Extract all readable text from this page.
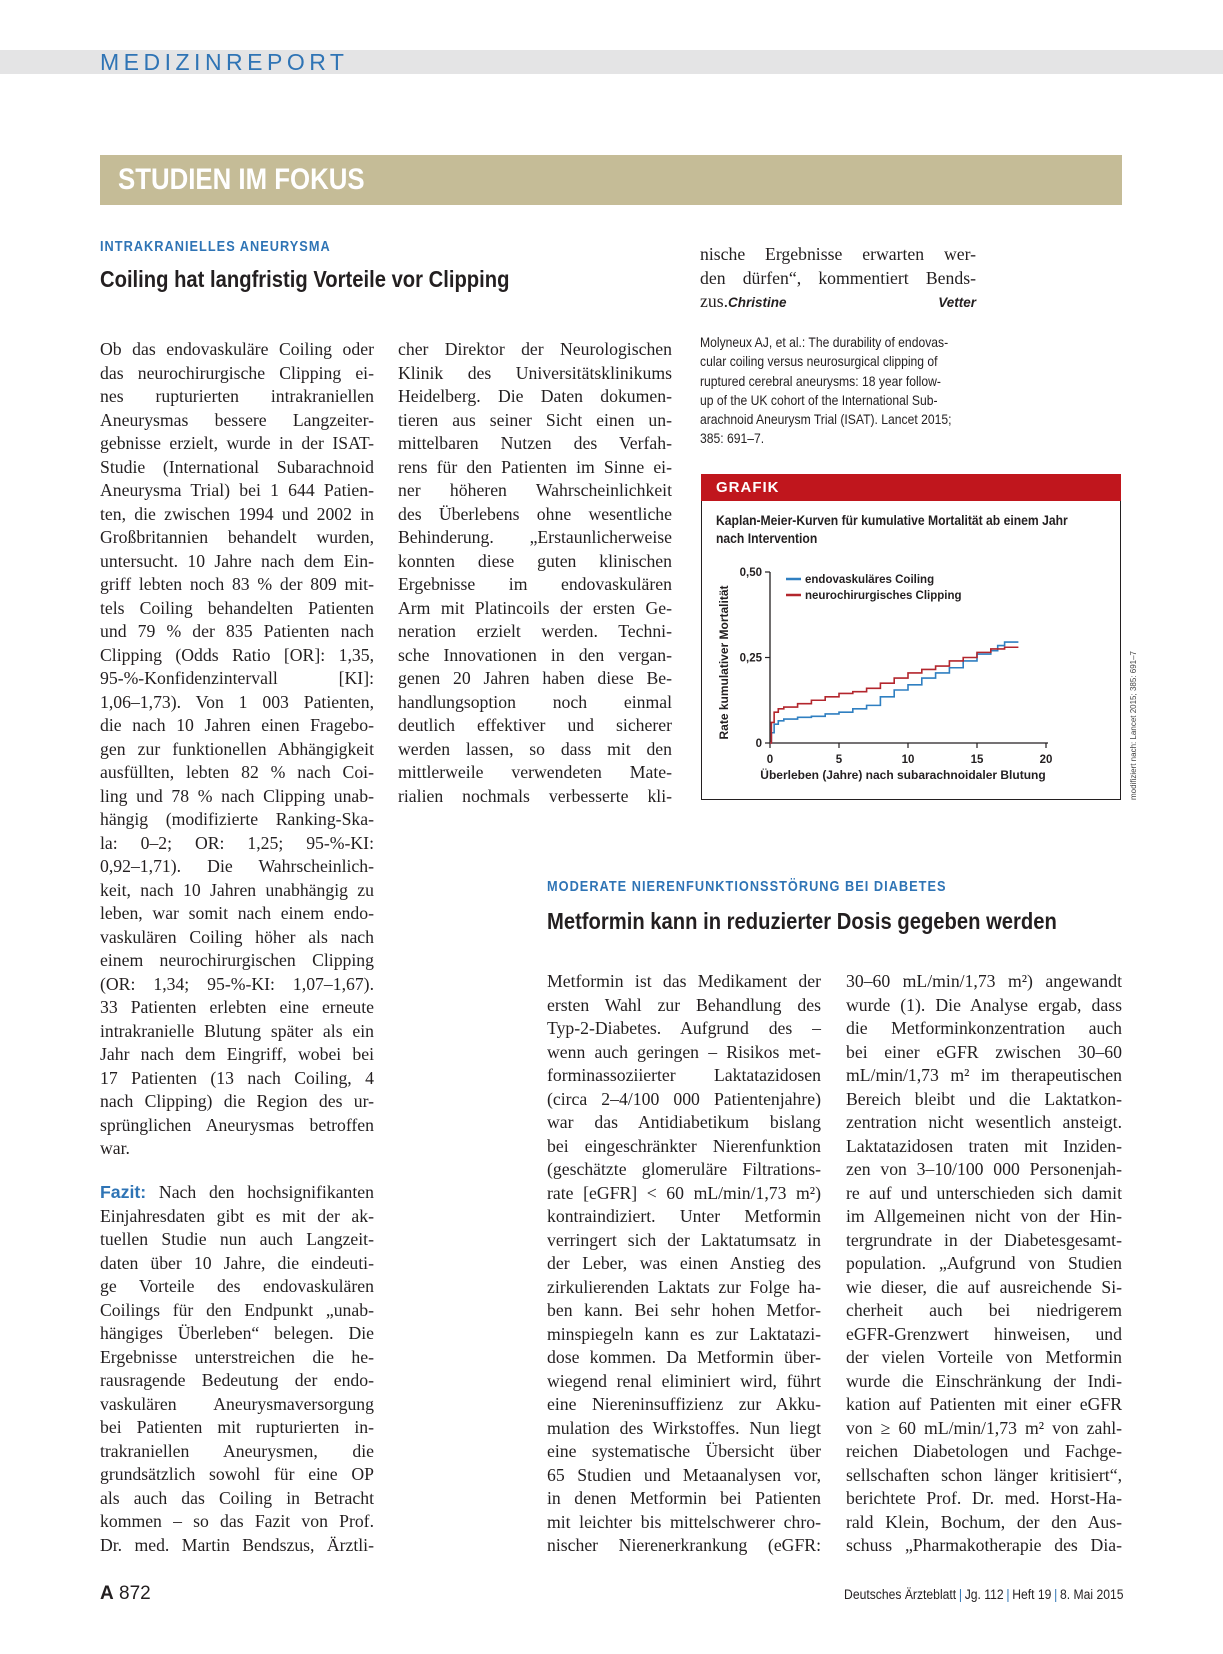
MEDIZINREPORT
STUDIEN IM FOKUS
INTRAKRANIELLES ANEURYSMA
Coiling hat langfristig Vorteile vor Clipping
Ob das endovaskuläre Coiling oder
das neurochirurgische Clipping ei-
nes rupturierten intrakraniellen
Aneurysmas bessere Langzeiter-
gebnisse erzielt, wurde in der ISAT-
Studie (International Subarachnoid
Aneurysma Trial) bei 1 644 Patien-
ten, die zwischen 1994 und 2002 in
Großbritannien behandelt wurden,
untersucht. 10 Jahre nach dem Ein-
griff lebten noch 83 % der 809 mit-
tels Coiling behandelten Patienten
und 79 % der 835 Patienten nach
Clipping (Odds Ratio [OR]: 1,35,
95-%-Konfidenzintervall [KI]:
1,06–1,73). Von 1 003 Patienten,
die nach 10 Jahren einen Fragebo-
gen zur funktionellen Abhängigkeit
ausfüllten, lebten 82 % nach Coi-
ling und 78 % nach Clipping unab-
hängig (modifizierte Ranking-Ska-
la: 0–2; OR: 1,25; 95-%-KI:
0,92–1,71). Die Wahrscheinlich-
keit, nach 10 Jahren unabhängig zu
leben, war somit nach einem endo-
vaskulären Coiling höher als nach
einem neurochirurgischen Clipping
(OR: 1,34; 95-%-KI: 1,07–1,67).
33 Patienten erlebten eine erneute
intrakranielle Blutung später als ein
Jahr nach dem Eingriff, wobei bei
17 Patienten (13 nach Coiling, 4
nach Clipping) die Region des ur-
sprünglichen Aneurysmas betroffen
war.
Fazit: Nach den hochsignifikanten
Einjahresdaten gibt es mit der ak-
tuellen Studie nun auch Langzeit-
daten über 10 Jahre, die eindeuti-
ge Vorteile des endovaskulären
Coilings für den Endpunkt „unab-
hängiges Überleben“ belegen. Die
Ergebnisse unterstreichen die he-
rausragende Bedeutung der endo-
vaskulären Aneurysmaversorgung
bei Patienten mit rupturierten in-
trakraniellen Aneurysmen, die
grundsätzlich sowohl für eine OP
als auch das Coiling in Betracht
kommen – so das Fazit von Prof.
Dr. med. Martin Bendszus, Ärztli-
cher Direktor der Neurologischen
Klinik des Universitätsklinikums
Heidelberg. Die Daten dokumen-
tieren aus seiner Sicht einen un-
mittelbaren Nutzen des Verfah-
rens für den Patienten im Sinne ei-
ner höheren Wahrscheinlichkeit
des Überlebens ohne wesentliche
Behinderung. „Erstaunlicherweise
konnten diese guten klinischen
Ergebnisse im endovaskulären
Arm mit Platincoils der ersten Ge-
neration erzielt werden. Techni-
sche Innovationen in den vergan-
genen 20 Jahren haben diese Be-
handlungsoption noch einmal
deutlich effektiver und sicherer
werden lassen, so dass mit den
mittlerweile verwendeten Mate-
rialien nochmals verbesserte kli-
nische Ergebnisse erwarten wer-
den dürfen“, kommentiert Bends-
zus.Christine Vetter
Molyneux AJ, et al.: The durability of endovas-
cular coiling versus neurosurgical clipping of
ruptured cerebral aneurysms: 18 year follow-
up of the UK cohort of the International Sub-
arachnoid Aneurysm Trial (ISAT). Lancet 2015;
385: 691–7.
GRAFIK
Kaplan-Meier-Kurven für kumulative Mortalität ab einem Jahr
nach Intervention
0
0,25
0,50
0	5	10	15	20
Überleben (Jahre) nach subarachnoidaler Blutung
Rate kumulativer Mortalität
endovaskuläres Coiling
neurochirurgisches Clipping
modifiziert nach: Lancet 2015; 385: 691–7
MODERATE NIERENFUNKTIONSSTÖRUNG BEI DIABETES
Metformin kann in reduzierter Dosis gegeben werden
Metformin ist das Medikament der
ersten Wahl zur Behandlung des
Typ-2-Diabetes. Aufgrund des –
wenn auch geringen – Risikos met-
forminassoziierter Laktatazidosen
(circa 2–4/100 000 Patientenjahre)
war das Antidiabetikum bislang
bei eingeschränkter Nierenfunktion
(geschätzte glomeruläre Filtrations-
rate [eGFR] < 60 mL/min/1,73 m²)
kontraindiziert. Unter Metformin
verringert sich der Laktatumsatz in
der Leber, was einen Anstieg des
zirkulierenden Laktats zur Folge ha-
ben kann. Bei sehr hohen Metfor-
minspiegeln kann es zur Laktatazi-
dose kommen. Da Metformin über-
wiegend renal eliminiert wird, führt
eine Niereninsuffizienz zur Akku-
mulation des Wirkstoffes. Nun liegt
eine systematische Übersicht über
65 Studien und Metaanalysen vor,
in denen Metformin bei Patienten
mit leichter bis mittelschwerer chro-
nischer Nierenerkrankung (eGFR:
30–60 mL/min/1,73 m²) angewandt
wurde (1). Die Analyse ergab, dass
die Metforminkonzentration auch
bei einer eGFR zwischen 30–60
mL/min/1,73 m² im therapeutischen
Bereich bleibt und die Laktatkon-
zentration nicht wesentlich ansteigt.
Laktatazidosen traten mit Inziden-
zen von 3–10/100 000 Personenjah-
re auf und unterschieden sich damit
im Allgemeinen nicht von der Hin-
tergrundrate in der Diabetesgesamt-
population. „Aufgrund von Studien
wie dieser, die auf ausreichende Si-
cherheit auch bei niedrigerem
eGFR-Grenzwert hinweisen, und
der vielen Vorteile von Metformin
wurde die Einschränkung der Indi-
kation auf Patienten mit einer eGFR
von ≥ 60 mL/min/1,73 m² von zahl-
reichen Diabetologen und Fachge-
sellschaften schon länger kritisiert“,
berichtete Prof. Dr. med. Horst-Ha-
rald Klein, Bochum, der den Aus-
schuss „Pharmakotherapie des Dia-
A 872	Deutsches Ärzteblatt | Jg. 112 | Heft 19 | 8. Mai 2015
